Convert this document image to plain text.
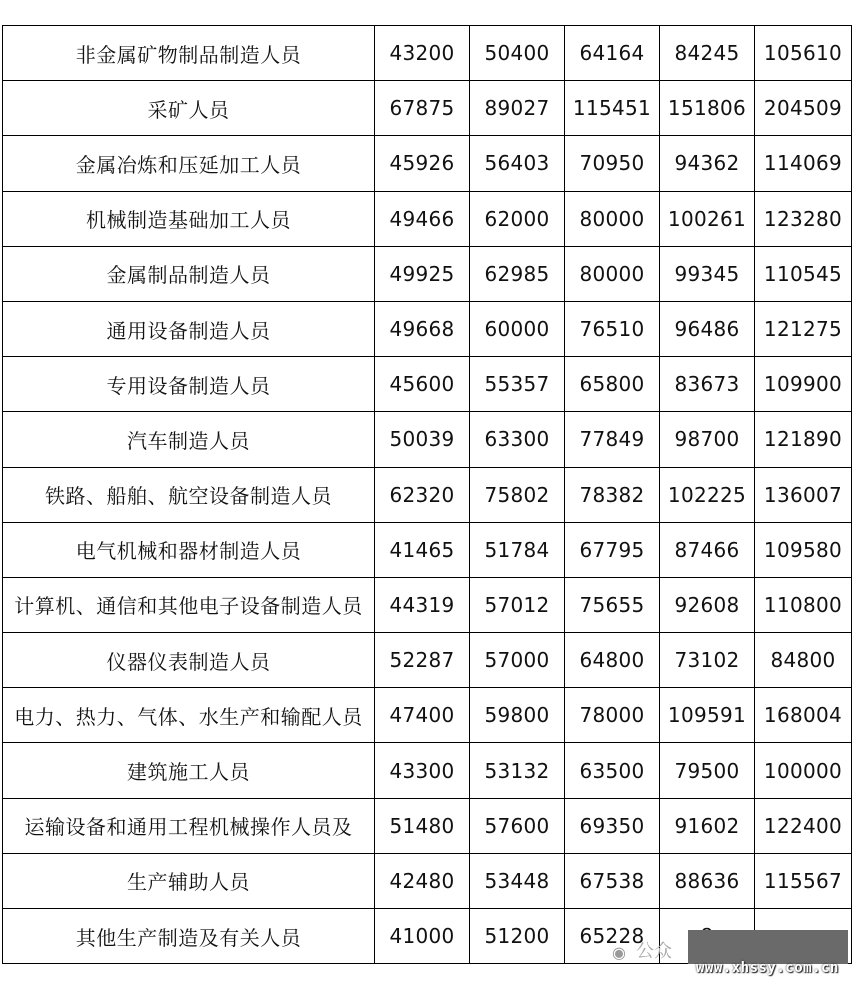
非金属矿物制品制造人员	43200	50400	64164	84245	105610
采矿人员	67875	89027	115451	151806	204509
金属冶炼和压延加工人员	45926	56403	70950	94362	114069
机械制造基础加工人员	49466	62000	80000	100261	123280
金属制品制造人员	49925	62985	80000	99345	110545
通用设备制造人员	49668	60000	76510	96486	121275
专用设备制造人员	45600	55357	65800	83673	109900
汽车制造人员	50039	63300	77849	98700	121890
铁路、船舶、航空设备制造人员	62320	75802	78382	102225	136007
电气机械和器材制造人员	41465	51784	67795	87466	109580
计算机、通信和其他电子设备制造人员	44319	57012	75655	92608	110800
仪器仪表制造人员	52287	57000	64800	73102	84800
电力、热力、气体、水生产和输配人员	47400	59800	78000	109591	168004
建筑施工人员	43300	53132	63500	79500	100000
运输设备和通用工程机械操作人员及	51480	57600	69350	91602	122400
生产辅助人员	42480	53448	67538	88636	115567
其他生产制造及有关人员	41000	51200	65228		
◉ 公众
www.xhssy.com.cn
